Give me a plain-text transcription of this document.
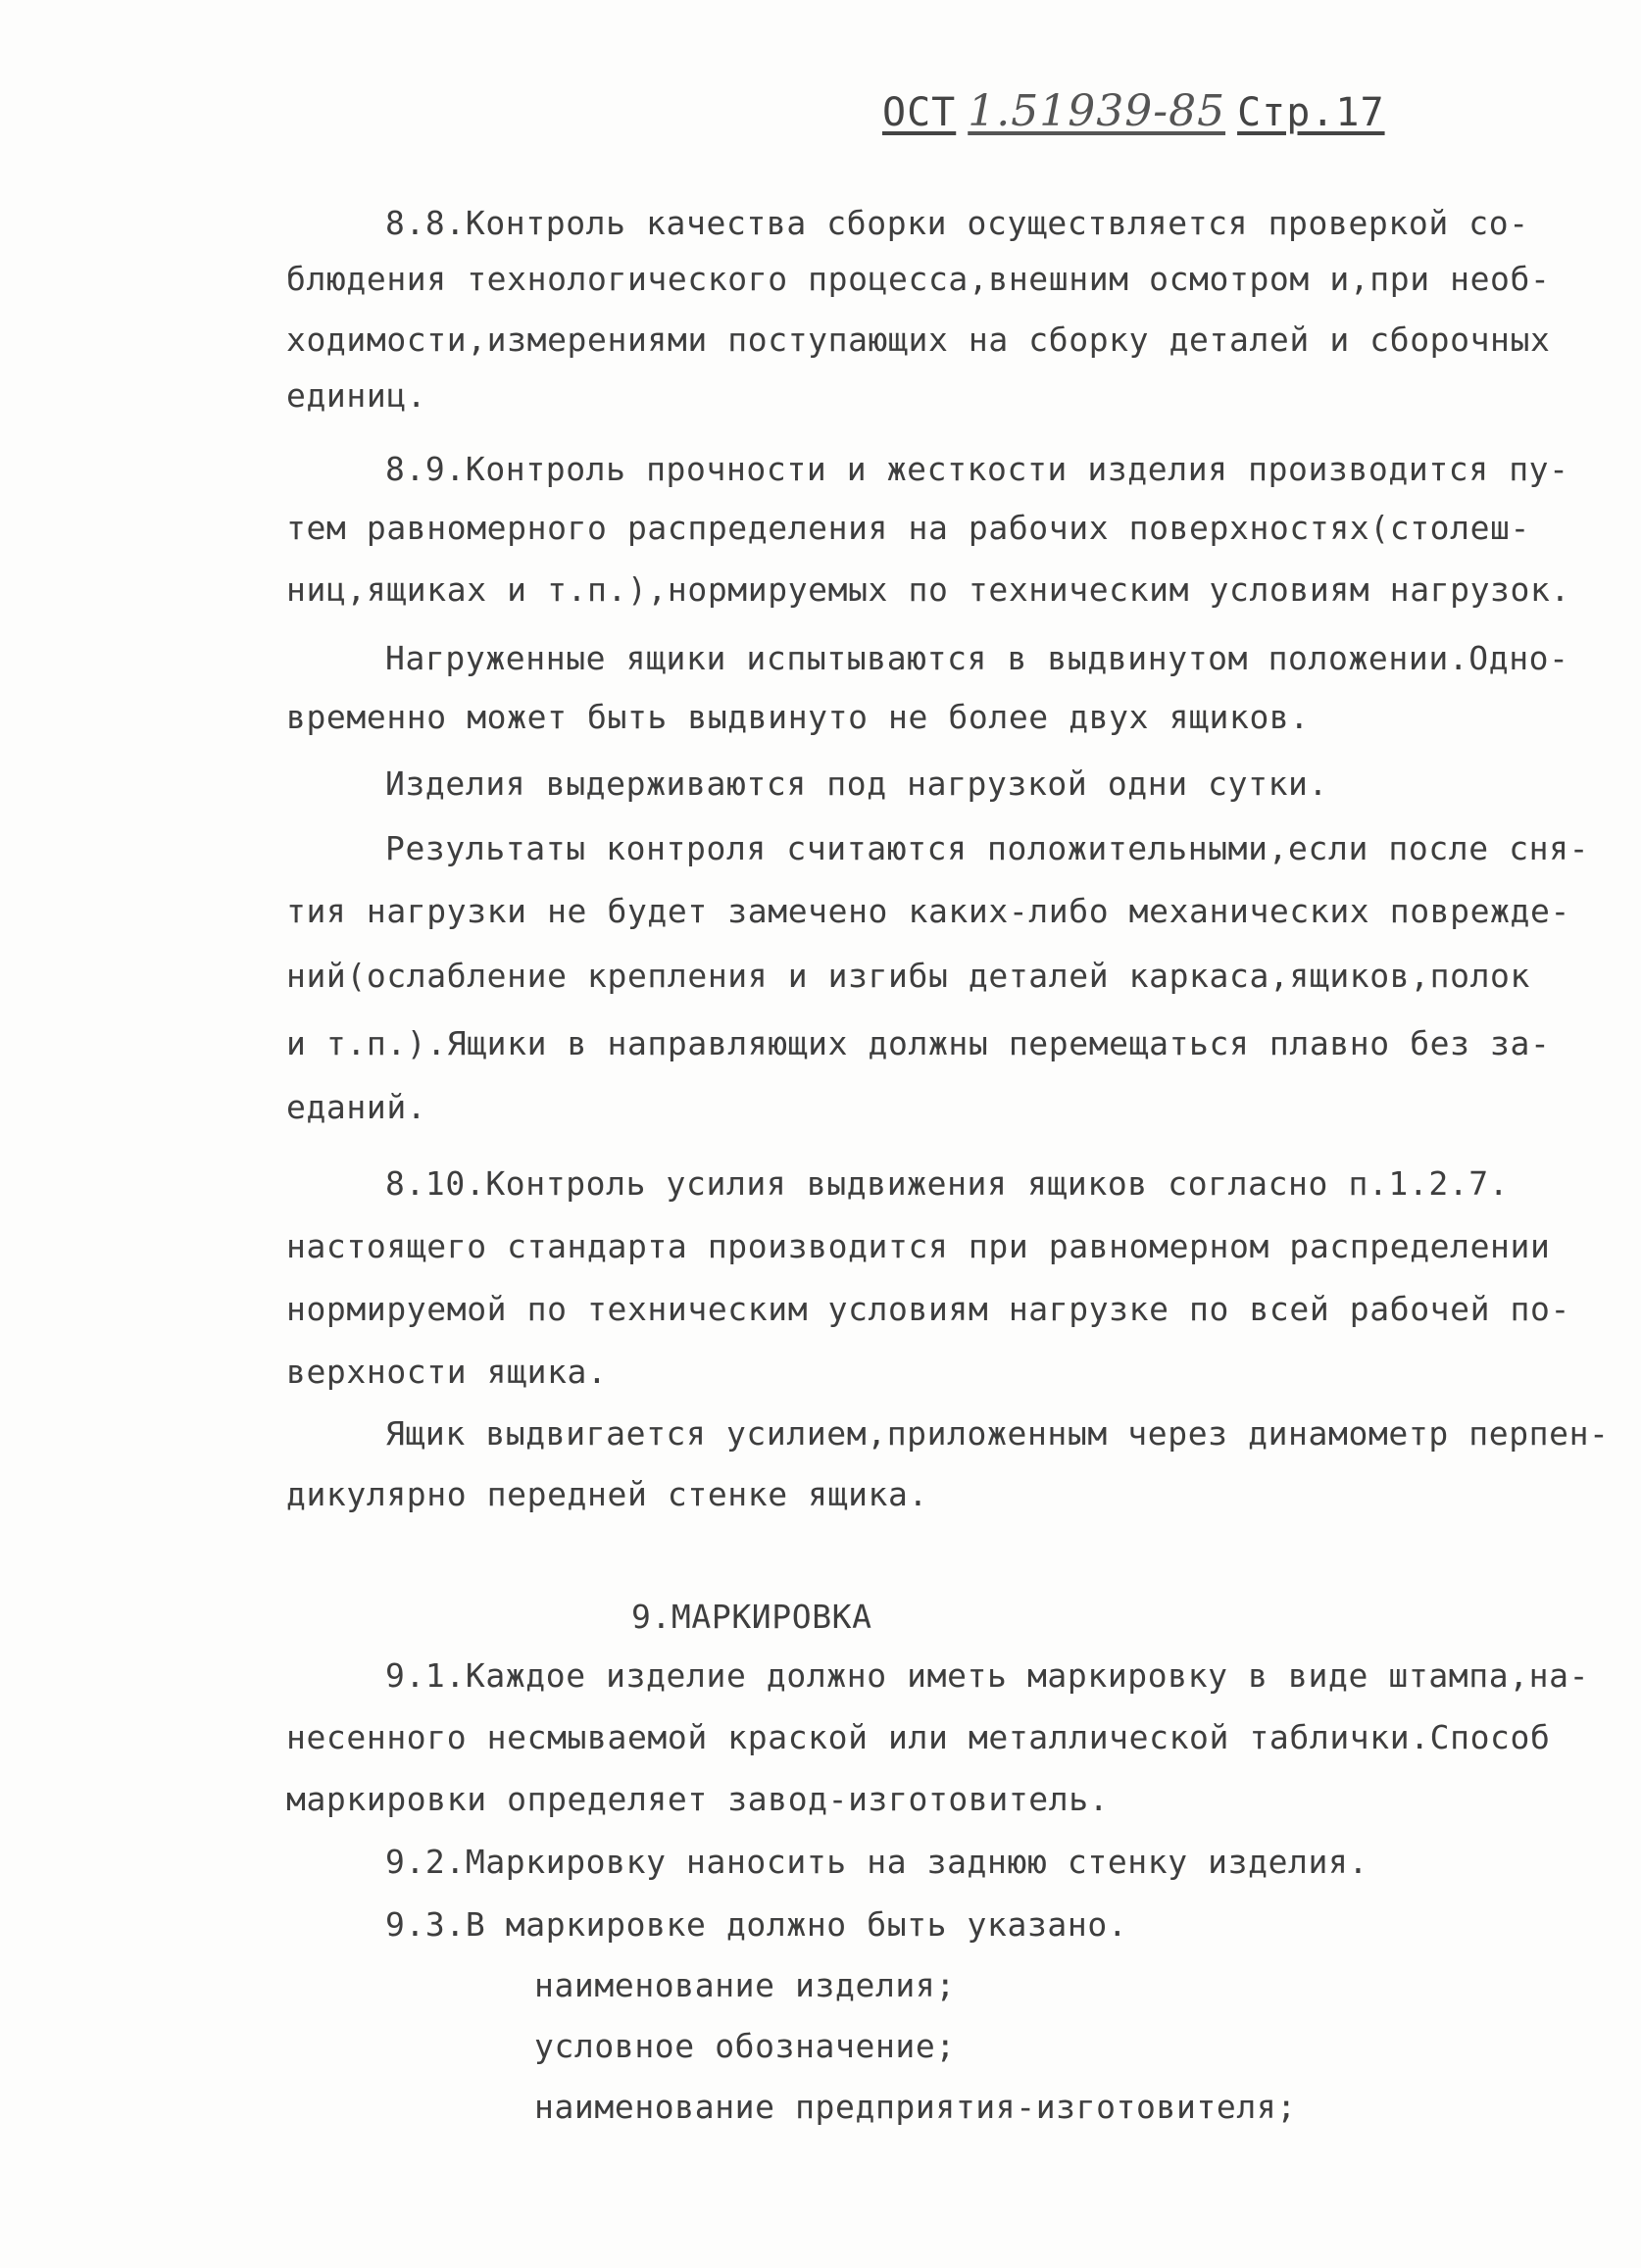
ОСТ 1.51939-85 Стр.17
8.8.Контроль качества сборки осуществляется проверкой со-
блюдения технологического процесса,внешним осмотром и,при необ-
ходимости,измерениями поступающих на сборку деталей и сборочных
единиц.
8.9.Контроль прочности и жесткости изделия производится пу-
тем равномерного распределения на рабочих поверхностях(столеш-
ниц,ящиках и т.п.),нормируемых по техническим условиям нагрузок.
Нагруженные ящики испытываются в выдвинутом положении.Одно-
временно может быть выдвинуто не более двух ящиков.
Изделия выдерживаются под нагрузкой одни сутки.
Результаты контроля считаются положительными,если после сня-
тия нагрузки не будет замечено каких-либо механических поврежде-
ний(ослабление крепления и изгибы деталей каркаса,ящиков,полок
и т.п.).Ящики в направляющих должны перемещаться плавно без за-
еданий.
8.10.Контроль усилия выдвижения ящиков согласно п.1.2.7.
настоящего стандарта производится при равномерном распределении
нормируемой по техническим условиям нагрузке по всей рабочей по-
верхности ящика.
Ящик выдвигается усилием,приложенным через динамометр перпен-
дикулярно передней стенке ящика.
9.МАРКИРОВКА
9.1.Каждое изделие должно иметь маркировку в виде штампа,на-
несенного несмываемой краской или металлической таблички.Способ
маркировки определяет завод-изготовитель.
9.2.Маркировку наносить на заднюю стенку изделия.
9.3.В маркировке должно быть указано.
наименование изделия;
условное обозначение;
наименование предприятия-изготовителя;
